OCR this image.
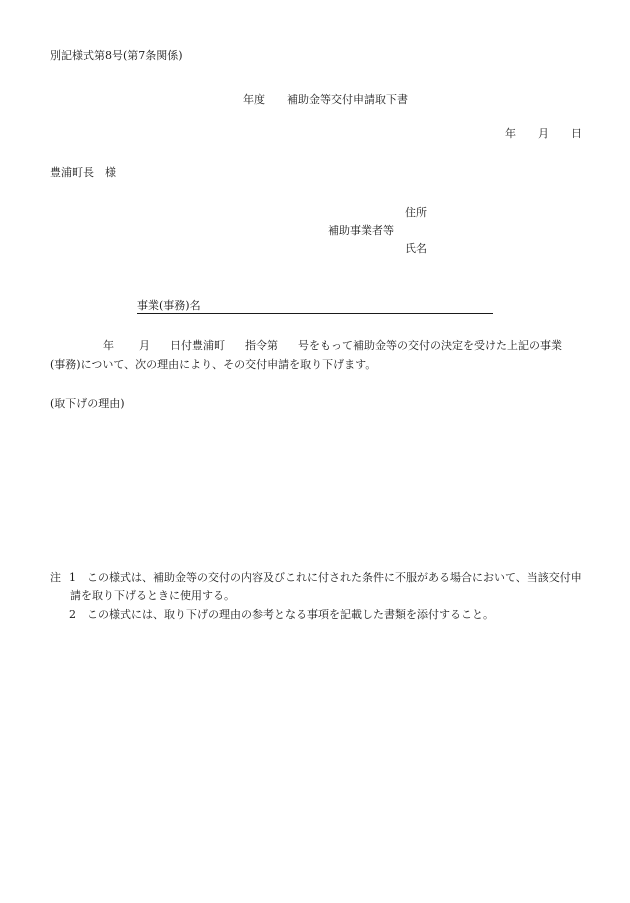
別記様式第8号(第7条関係)
年度 補助金等交付申請取下書
年 月 日
豊浦町長　様
住所
補助事業者等
氏名
事業(事務)名
年 月 日付豊浦町 指令第 号をもって補助金等の交付の決定を受けた上記の事業
(事務)について、次の理由により、その交付申請を取り下げます。
(取下げの理由)
注 1 この様式は、補助金等の交付の内容及びこれに付された条件に不服がある場合において、当該交付申
請を取り下げるときに使用する。
2 この様式には、取り下げの理由の参考となる事項を記載した書類を添付すること。
